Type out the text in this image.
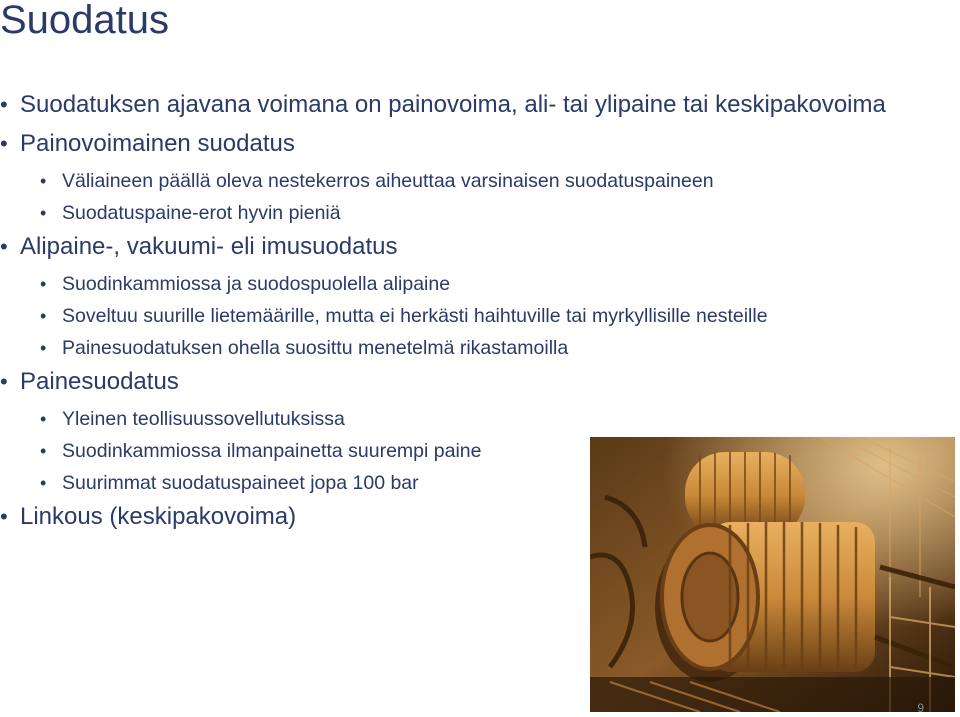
Suodatus

• Suodatuksen ajavana voimana on painovoima, ali- tai ylipaine tai keskipakovoima

• Painovoimainen suodatus

• Väliaineen päällä oleva nestekerros aiheuttaa varsinaisen suodatuspaineen

• Suodatuspaine-erot hyvin pieniä

• Alipaine-, vakuumi- eli imusuodatus

• Suodinkammiossa ja suodospuolella alipaine

• Soveltuu suurille lietemäärille, mutta ei herkästi haihtuville tai myrkyllisille nesteille

• Painesuodatuksen ohella suosittu menetelmä rikastamoilla

• Painesuodatus

• Yleinen teollisuussovellutuksissa

• Suodinkammiossa ilmanpainetta suurempi paine

• Suurimmat suodatuspaineet jopa 100 bar

• Linkous (keskipakovoima)

9
